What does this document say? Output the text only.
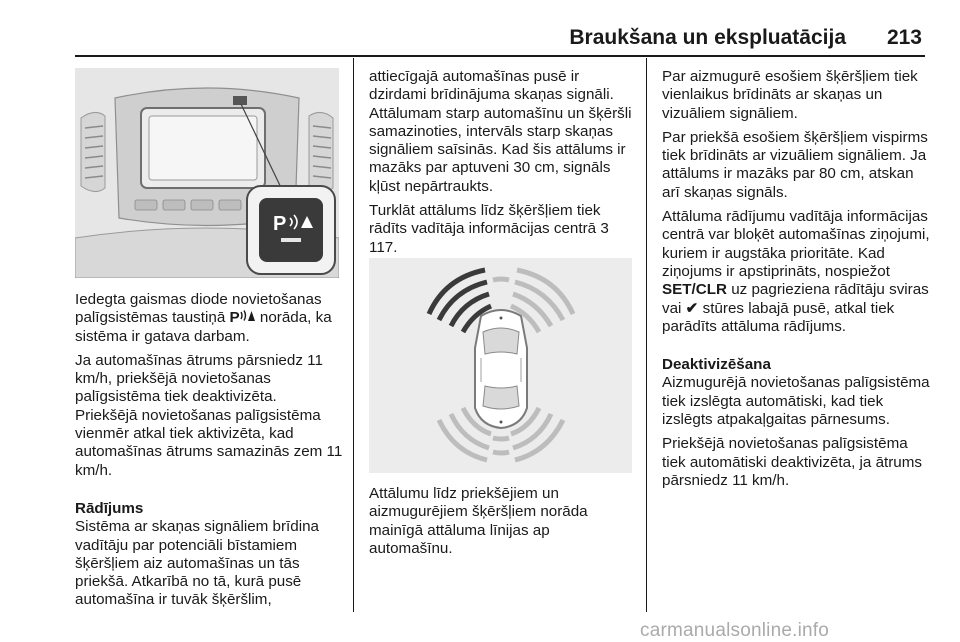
Braukšana un ekspluatācija 213
P

Iedegta gaismas diode novietošanas palīgsistēmas taustiņā P norāda, ka sistēma ir gatava darbam.

Ja automašīnas ātrums pārsniedz 11 km/h, priekšējā novietošanas palīgsistēma tiek deaktivizēta. Priekšējā novietošanas palīgsistēma vienmēr atkal tiek aktivizēta, kad automašīnas ātrums samazinās zem 11 km/h.

Rādījums

Sistēma ar skaņas signāliem brīdina vadītāju par potenciāli bīstamiem šķēršļiem aiz automašīnas un tās priekšā. Atkarībā no tā, kurā pusē automašīna ir tuvāk šķēršlim,

attiecīgajā automašīnas pusē ir dzirdami brīdinājuma skaņas signāli. Attālumam starp automašīnu un šķēršli samazinoties, intervāls starp skaņas signāliem saīsinās. Kad šis attālums ir mazāks par aptuveni 30 cm, signāls kļūst nepārtraukts.

Turklāt attālums līdz šķēršļiem tiek rādīts vadītāja informācijas centrā 3 117.

Attālumu līdz priekšējiem un aizmugurējiem šķēršļiem norāda mainīgā attāluma līnijas ap automašīnu.

Par aizmugurē esošiem šķēršļiem tiek vienlaikus brīdināts ar skaņas un vizuāliem signāliem.

Par priekšā esošiem šķēršļiem vispirms tiek brīdināts ar vizuāliem signāliem. Ja attālums ir mazāks par 80 cm, atskan arī skaņas signāls.

Attāluma rādījumu vadītāja informācijas centrā var bloķēt automašīnas ziņojumi, kuriem ir augstāka prioritāte. Kad ziņojums ir apstiprināts, nospiežot SET/CLR uz pagrieziena rādītāju sviras vai ✔ stūres labajā pusē, atkal tiek parādīts attāluma rādījums.

Deaktivizēšana

Aizmugurējā novietošanas palīgsistēma tiek izslēgta automātiski, kad tiek izslēgts atpakaļgaitas pārnesums.

Priekšējā novietošanas palīgsistēma tiek automātiski deaktivizēta, ja ātrums pārsniedz 11 km/h.

carmanualsonline.info
